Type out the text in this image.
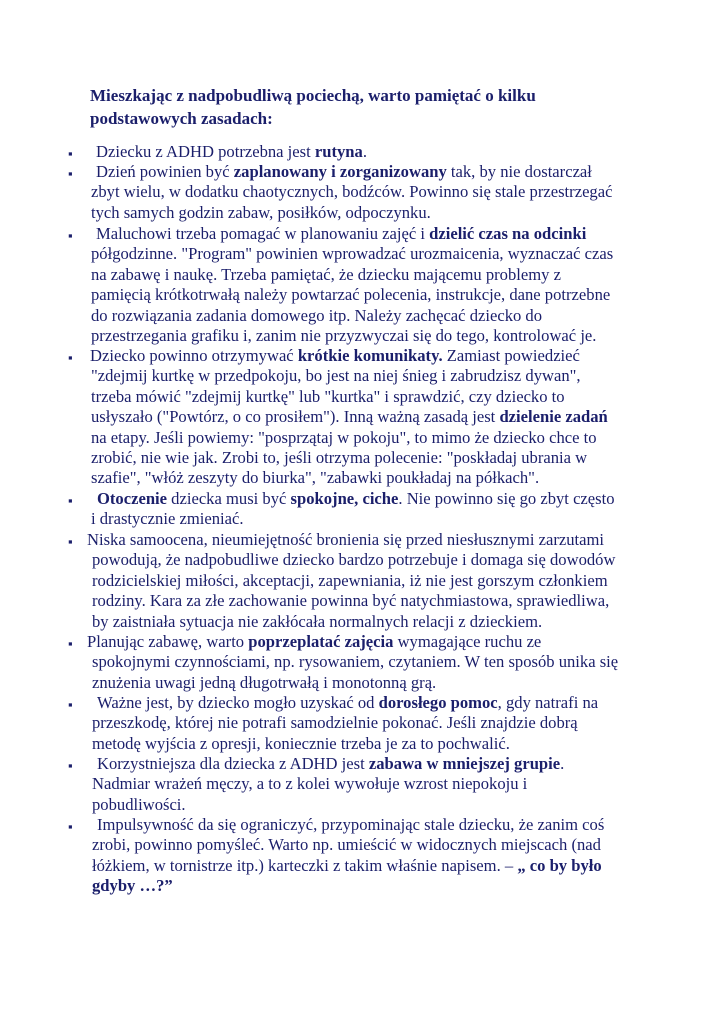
Mieszkając z nadpobudliwą pociechą, warto pamiętać o kilku
podstawowych zasadach:
▪ Dziecku z ADHD potrzebna jest rutyna.
▪ Dzień powinien być zaplanowany i zorganizowany tak, by nie dostarczał
zbyt wielu, w dodatku chaotycznych, bodźców. Powinno się stale przestrzegać
tych samych godzin zabaw, posiłków, odpoczynku.
▪ Maluchowi trzeba pomagać w planowaniu zajęć i dzielić czas na odcinki
półgodzinne. "Program" powinien wprowadzać urozmaicenia, wyznaczać czas
na zabawę i naukę. Trzeba pamiętać, że dziecku mającemu problemy z
pamięcią krótkotrwałą należy powtarzać polecenia, instrukcje, dane potrzebne
do rozwiązania zadania domowego itp. Należy zachęcać dziecko do
przestrzegania grafiku i, zanim nie przyzwyczai się do tego, kontrolować je.
▪ Dziecko powinno otrzymywać krótkie komunikaty. Zamiast powiedzieć
"zdejmij kurtkę w przedpokoju, bo jest na niej śnieg i zabrudzisz dywan",
trzeba mówić "zdejmij kurtkę" lub "kurtka" i sprawdzić, czy dziecko to
usłyszało ("Powtórz, o co prosiłem"). Inną ważną zasadą jest dzielenie zadań
na etapy. Jeśli powiemy: "posprzątaj w pokoju", to mimo że dziecko chce to
zrobić, nie wie jak. Zrobi to, jeśli otrzyma polecenie: "poskładaj ubrania w
szafie", "włóż zeszyty do biurka", "zabawki poukładaj na półkach".
▪ Otoczenie dziecka musi być spokojne, ciche. Nie powinno się go zbyt często
i drastycznie zmieniać.
▪ Niska samoocena, nieumiejętność bronienia się przed niesłusznymi zarzutami
powodują, że nadpobudliwe dziecko bardzo potrzebuje i domaga się dowodów
rodzicielskiej miłości, akceptacji, zapewniania, iż nie jest gorszym członkiem
rodziny. Kara za złe zachowanie powinna być natychmiastowa, sprawiedliwa,
by zaistniała sytuacja nie zakłócała normalnych relacji z dzieckiem.
▪ Planując zabawę, warto poprzeplatać zajęcia wymagające ruchu ze
spokojnymi czynnościami, np. rysowaniem, czytaniem. W ten sposób unika się
znużenia uwagi jedną długotrwałą i monotonną grą.
▪ Ważne jest, by dziecko mogło uzyskać od dorosłego pomoc, gdy natrafi na
przeszkodę, której nie potrafi samodzielnie pokonać. Jeśli znajdzie dobrą
metodę wyjścia z opresji, koniecznie trzeba je za to pochwalić.
▪ Korzystniejsza dla dziecka z ADHD jest zabawa w mniejszej grupie.
Nadmiar wrażeń męczy, a to z kolei wywołuje wzrost niepokoju i
pobudliwości.
▪ Impulsywność da się ograniczyć, przypominając stale dziecku, że zanim coś
zrobi, powinno pomyśleć. Warto np. umieścić w widocznych miejscach (nad
łóżkiem, w tornistrze itp.) karteczki z takim właśnie napisem. – „ co by było
gdyby …?”
